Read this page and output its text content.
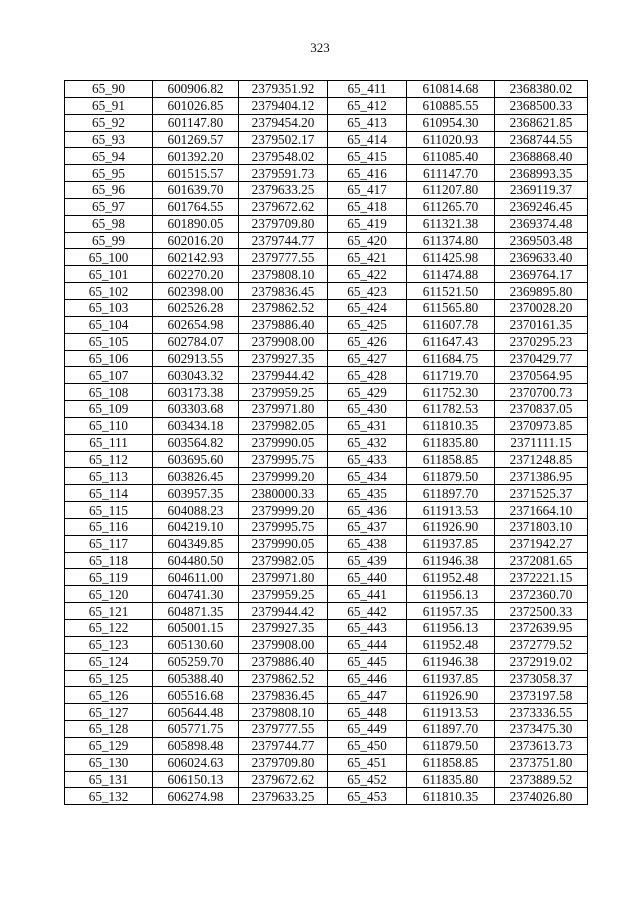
323
65_90	600906.82	2379351.92	65_411	610814.68	2368380.02
65_91	601026.85	2379404.12	65_412	610885.55	2368500.33
65_92	601147.80	2379454.20	65_413	610954.30	2368621.85
65_93	601269.57	2379502.17	65_414	611020.93	2368744.55
65_94	601392.20	2379548.02	65_415	611085.40	2368868.40
65_95	601515.57	2379591.73	65_416	611147.70	2368993.35
65_96	601639.70	2379633.25	65_417	611207.80	2369119.37
65_97	601764.55	2379672.62	65_418	611265.70	2369246.45
65_98	601890.05	2379709.80	65_419	611321.38	2369374.48
65_99	602016.20	2379744.77	65_420	611374.80	2369503.48
65_100	602142.93	2379777.55	65_421	611425.98	2369633.40
65_101	602270.20	2379808.10	65_422	611474.88	2369764.17
65_102	602398.00	2379836.45	65_423	611521.50	2369895.80
65_103	602526.28	2379862.52	65_424	611565.80	2370028.20
65_104	602654.98	2379886.40	65_425	611607.78	2370161.35
65_105	602784.07	2379908.00	65_426	611647.43	2370295.23
65_106	602913.55	2379927.35	65_427	611684.75	2370429.77
65_107	603043.32	2379944.42	65_428	611719.70	2370564.95
65_108	603173.38	2379959.25	65_429	611752.30	2370700.73
65_109	603303.68	2379971.80	65_430	611782.53	2370837.05
65_110	603434.18	2379982.05	65_431	611810.35	2370973.85
65_111	603564.82	2379990.05	65_432	611835.80	2371111.15
65_112	603695.60	2379995.75	65_433	611858.85	2371248.85
65_113	603826.45	2379999.20	65_434	611879.50	2371386.95
65_114	603957.35	2380000.33	65_435	611897.70	2371525.37
65_115	604088.23	2379999.20	65_436	611913.53	2371664.10
65_116	604219.10	2379995.75	65_437	611926.90	2371803.10
65_117	604349.85	2379990.05	65_438	611937.85	2371942.27
65_118	604480.50	2379982.05	65_439	611946.38	2372081.65
65_119	604611.00	2379971.80	65_440	611952.48	2372221.15
65_120	604741.30	2379959.25	65_441	611956.13	2372360.70
65_121	604871.35	2379944.42	65_442	611957.35	2372500.33
65_122	605001.15	2379927.35	65_443	611956.13	2372639.95
65_123	605130.60	2379908.00	65_444	611952.48	2372779.52
65_124	605259.70	2379886.40	65_445	611946.38	2372919.02
65_125	605388.40	2379862.52	65_446	611937.85	2373058.37
65_126	605516.68	2379836.45	65_447	611926.90	2373197.58
65_127	605644.48	2379808.10	65_448	611913.53	2373336.55
65_128	605771.75	2379777.55	65_449	611897.70	2373475.30
65_129	605898.48	2379744.77	65_450	611879.50	2373613.73
65_130	606024.63	2379709.80	65_451	611858.85	2373751.80
65_131	606150.13	2379672.62	65_452	611835.80	2373889.52
65_132	606274.98	2379633.25	65_453	611810.35	2374026.80
